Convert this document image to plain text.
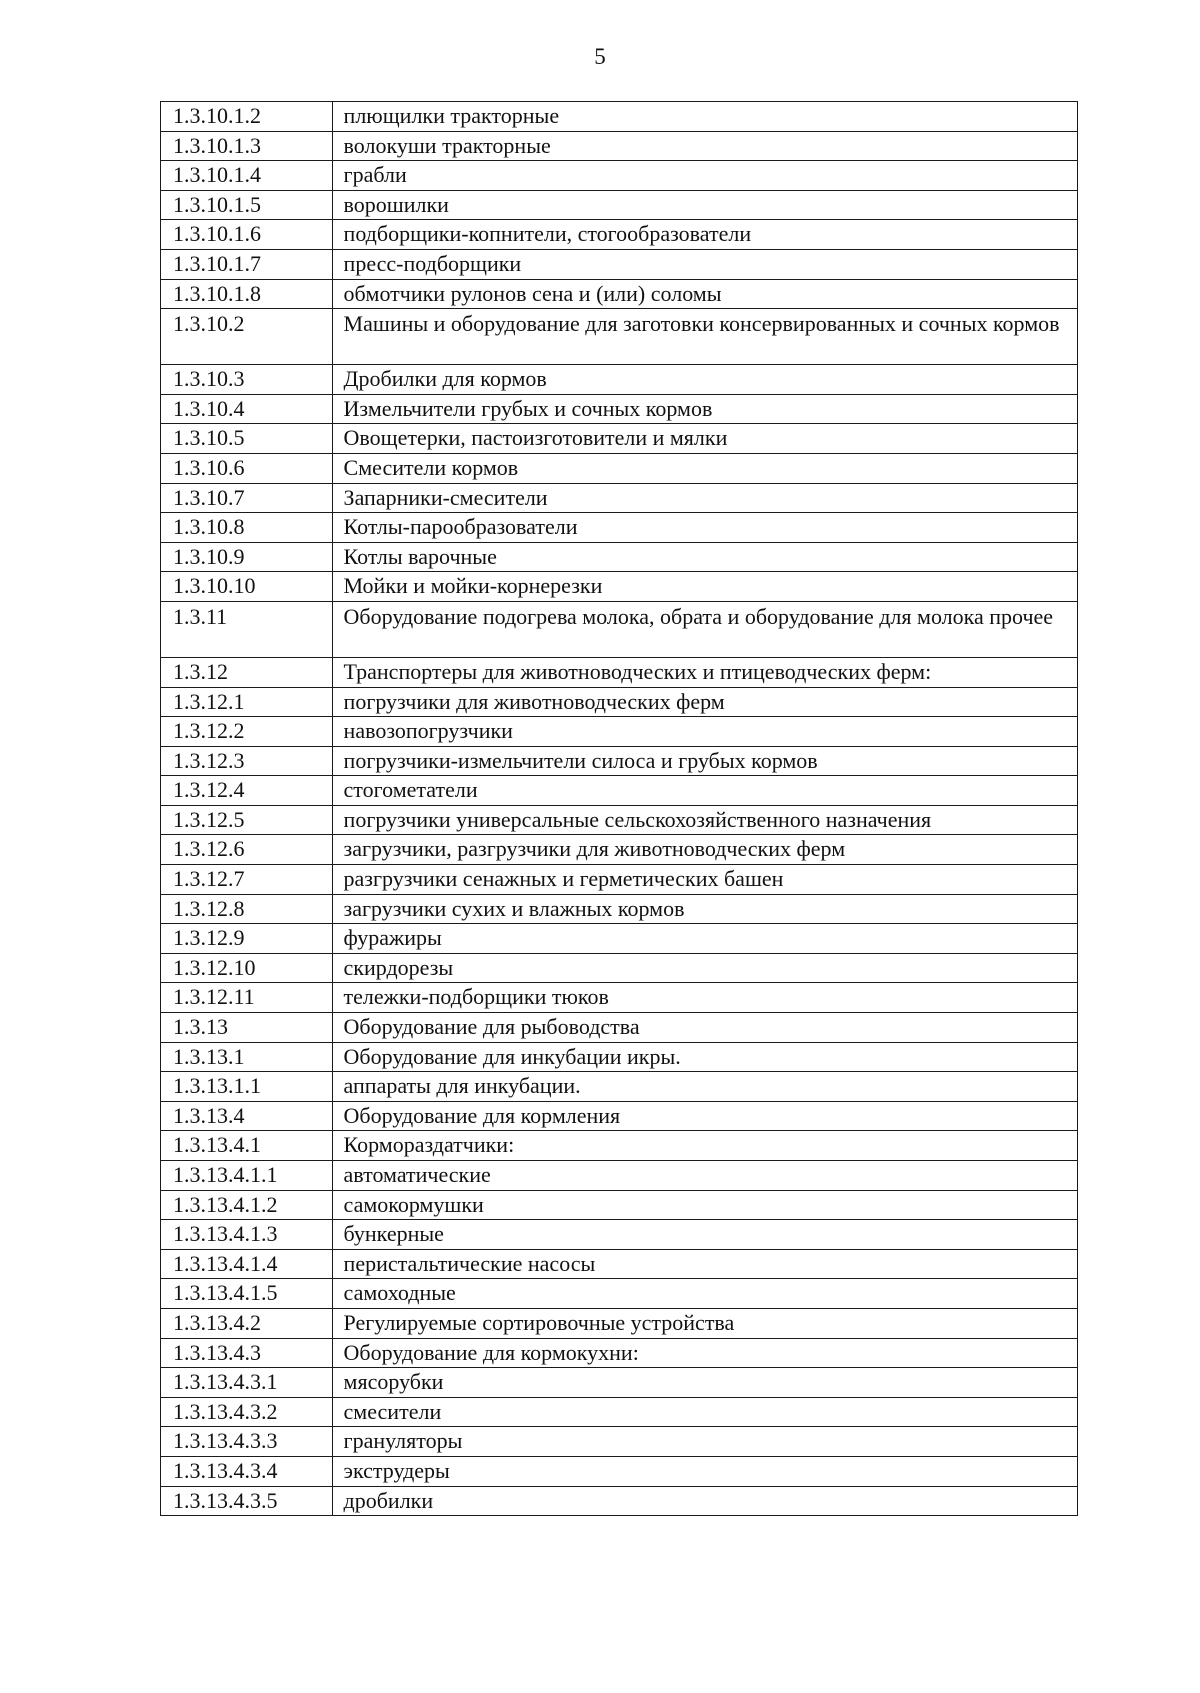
5
1.3.10.1.2	плющилки тракторные
1.3.10.1.3	волокуши тракторные
1.3.10.1.4	грабли
1.3.10.1.5	ворошилки
1.3.10.1.6	подборщики-копнители, стогообразователи
1.3.10.1.7	пресс-подборщики
1.3.10.1.8	обмотчики рулонов сена и (или) соломы
1.3.10.2	Машины и оборудование для заготовки консервированных и сочных кормов
1.3.10.3	Дробилки для кормов
1.3.10.4	Измельчители грубых и сочных кормов
1.3.10.5	Овощетерки, пастоизготовители и мялки
1.3.10.6	Смесители кормов
1.3.10.7	Запарники-смесители
1.3.10.8	Котлы-парообразователи
1.3.10.9	Котлы варочные
1.3.10.10	Мойки и мойки-корнерезки
1.3.11	Оборудование подогрева молока, обрата и оборудование для молока прочее
1.3.12	Транспортеры для животноводческих и птицеводческих ферм:
1.3.12.1	погрузчики для животноводческих ферм
1.3.12.2	навозопогрузчики
1.3.12.3	погрузчики-измельчители силоса и грубых кормов
1.3.12.4	стогометатели
1.3.12.5	погрузчики универсальные сельскохозяйственного назначения
1.3.12.6	загрузчики, разгрузчики для животноводческих ферм
1.3.12.7	разгрузчики сенажных и герметических башен
1.3.12.8	загрузчики сухих и влажных кормов
1.3.12.9	фуражиры
1.3.12.10	скирдорезы
1.3.12.11	тележки-подборщики тюков
1.3.13	Оборудование для рыбоводства
1.3.13.1	Оборудование для инкубации икры.
1.3.13.1.1	аппараты для инкубации.
1.3.13.4	Оборудование для кормления
1.3.13.4.1	Кормораздатчики:
1.3.13.4.1.1	автоматические
1.3.13.4.1.2	самокормушки
1.3.13.4.1.3	бункерные
1.3.13.4.1.4	перистальтические насосы
1.3.13.4.1.5	самоходные
1.3.13.4.2	Регулируемые сортировочные устройства
1.3.13.4.3	Оборудование для кормокухни:
1.3.13.4.3.1	мясорубки
1.3.13.4.3.2	смесители
1.3.13.4.3.3	грануляторы
1.3.13.4.3.4	экструдеры
1.3.13.4.3.5	дробилки
